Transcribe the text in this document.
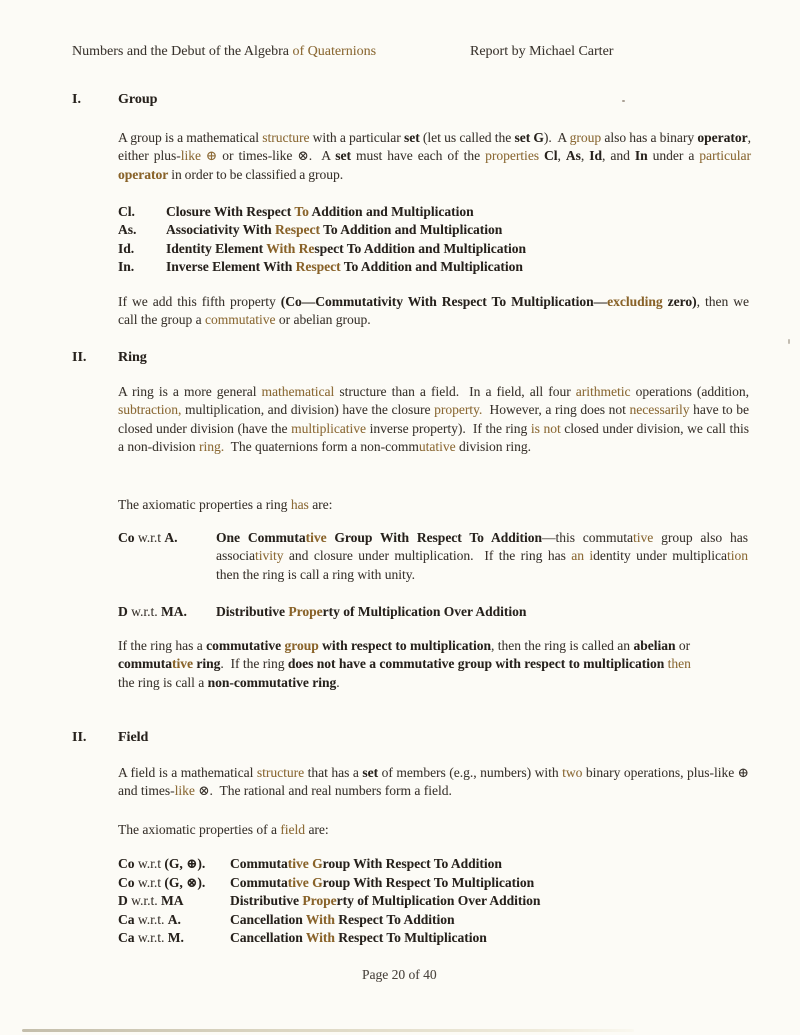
Numbers and the Debut of the Algebra of Quaternions	Report by Michael Carter
I.	Group
A group is a mathematical structure with a particular set (let us called the set G).  A group also has a binary operator, either plus-like ⊕ or times-like ⊗.  A set must have each of the properties Cl, As, Id, and In under a particular operator in order to be classified a group.
Cl.	Closure With Respect To Addition and Multiplication
As.	Associativity With Respect To Addition and Multiplication
Id.	Identity Element With Respect To Addition and Multiplication
In.	Inverse Element With Respect To Addition and Multiplication
If we add this fifth property (Co—Commutativity With Respect To Multiplication—excluding zero), then we call the group a commutative or abelian group.
II. Ring
A ring is a more general mathematical structure than a field.  In a field, all four arithmetic operations (addition, subtraction, multiplication, and division) have the closure property.  However, a ring does not necessarily have to be closed under division (have the multiplicative inverse property).  If the ring is not closed under division, we call this a non-division ring.  The quaternions form a non-commutative division ring.
The axiomatic properties a ring has are:
Co w.r.t A.	One Commutative Group With Respect To Addition—this commutative group also has associativity and closure under multiplication.  If the ring has an identity under multiplication then the ring is call a ring with unity.
D w.r.t. MA.	Distributive Property of Multiplication Over Addition
If the ring has a commutative group with respect to multiplication, then the ring is called an abelian or commutative ring.  If the ring does not have a commutative group with respect to multiplication then the ring is call a non-commutative ring.
II. Field
A field is a mathematical structure that has a set of members (e.g., numbers) with two binary operations, plus-like ⊕ and times-like ⊗.  The rational and real numbers form a field.
The axiomatic properties of a field are:
Co w.r.t (G, ⊕).	Commutative Group With Respect To Addition
Co w.r.t (G, ⊗).	Commutative Group With Respect To Multiplication
D w.r.t. MA	Distributive Property of Multiplication Over Addition
Ca w.r.t. A.	Cancellation With Respect To Addition
Ca w.r.t. M.	Cancellation With Respect To Multiplication
Page 20 of 40
